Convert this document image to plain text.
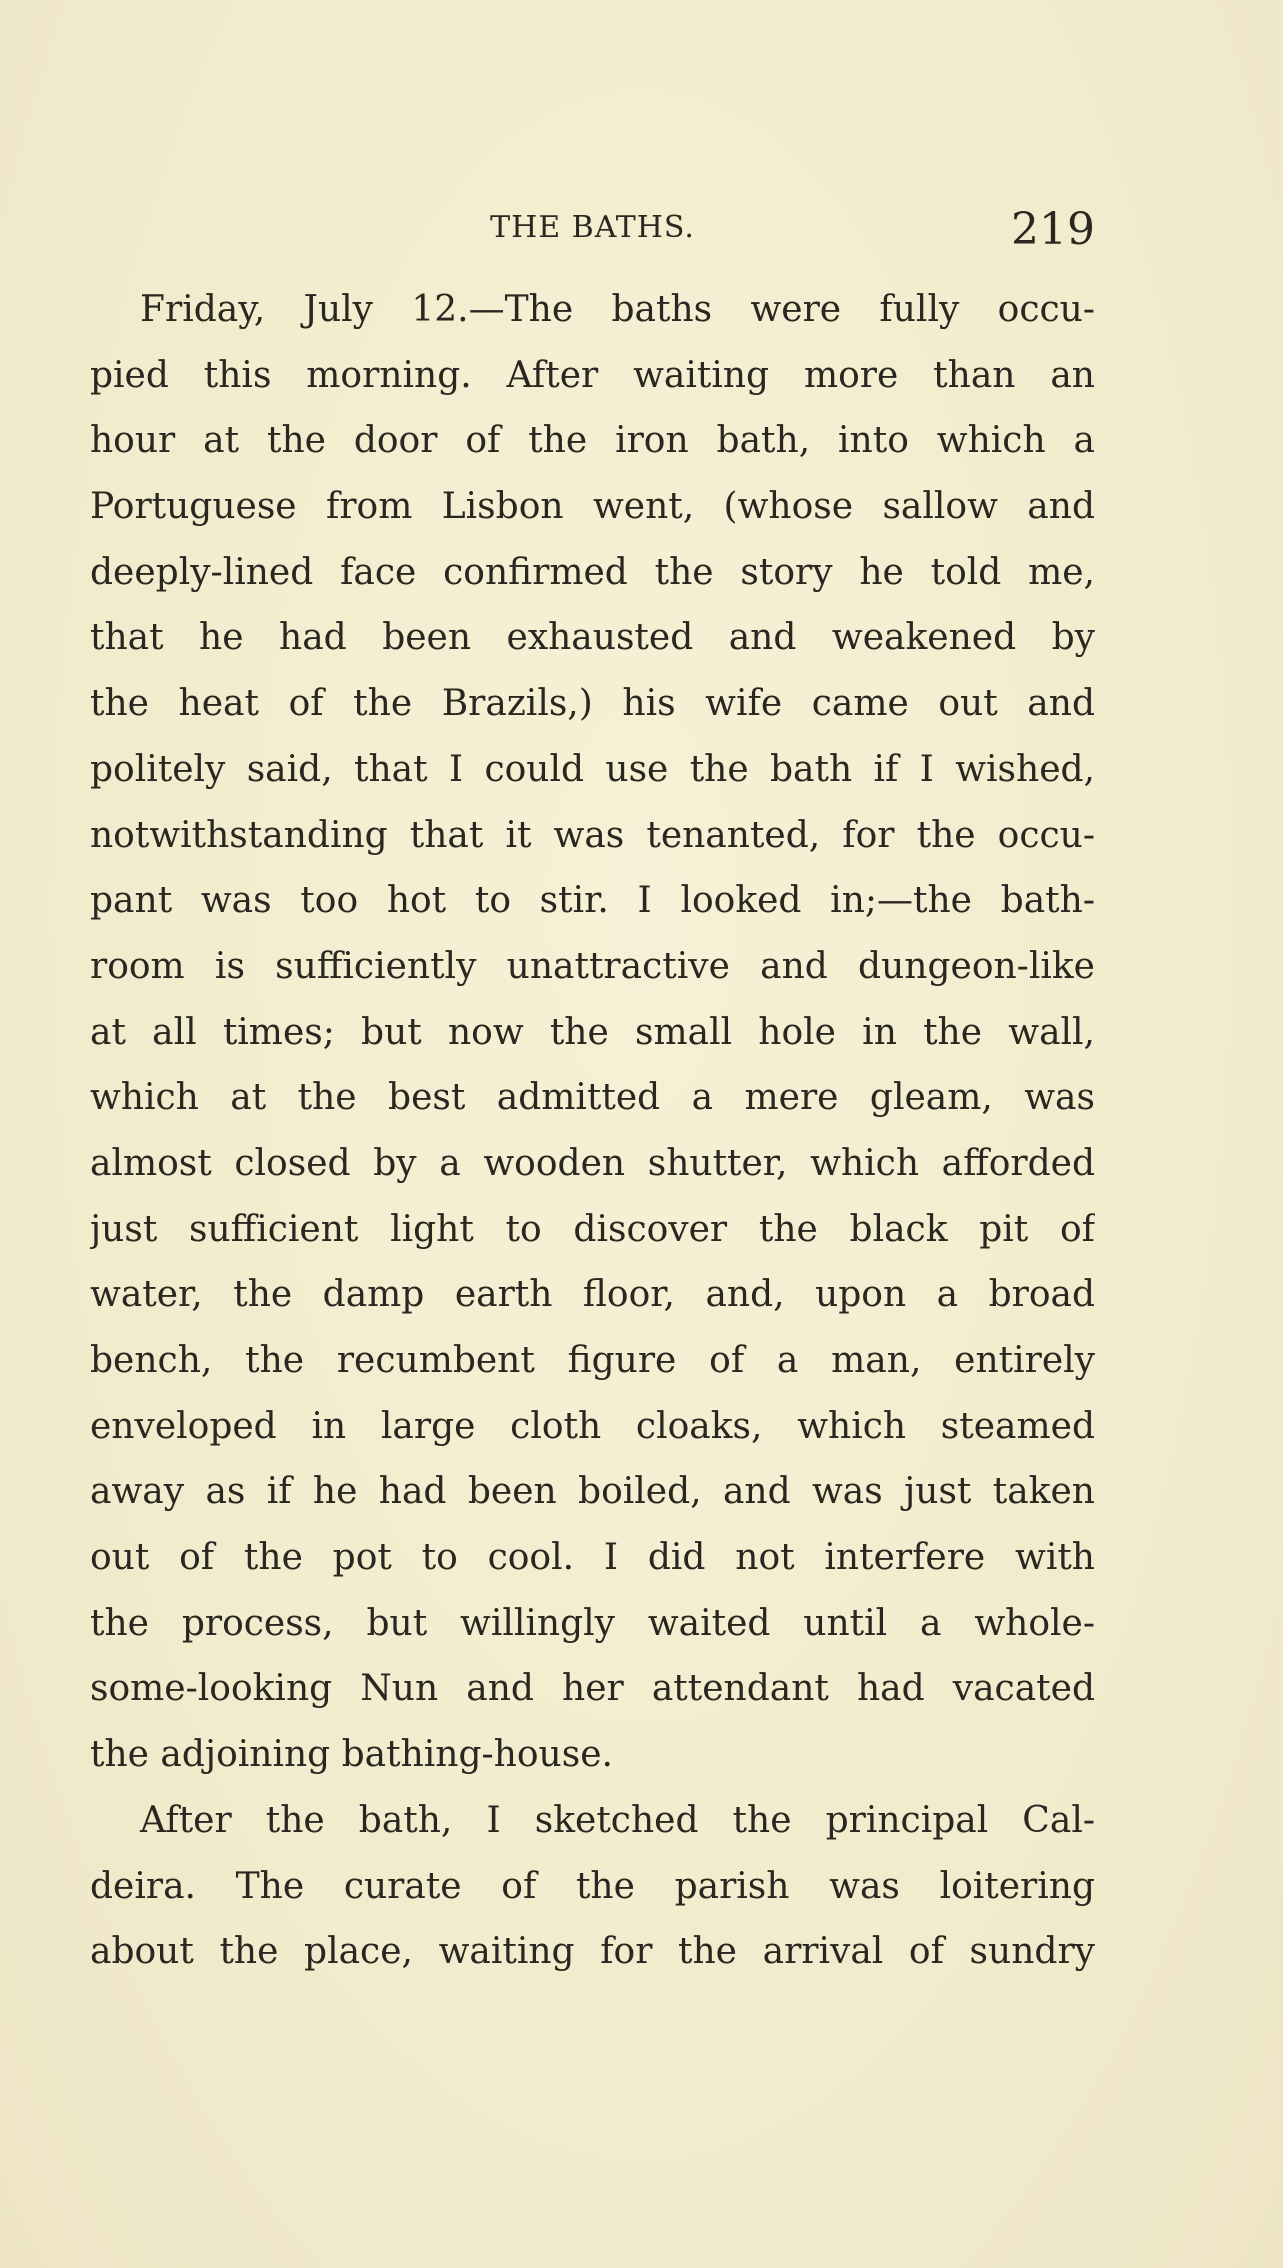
THE BATHS.	219
Friday, July 12.—The baths were fully occu-
pied this morning. After waiting more than an
hour at the door of the iron bath, into which a
Portuguese from Lisbon went, (whose sallow and
deeply-lined face confirmed the story he told me,
that he had been exhausted and weakened by
the heat of the Brazils,) his wife came out and
politely said, that I could use the bath if I wished,
notwithstanding that it was tenanted, for the occu-
pant was too hot to stir. I looked in;—the bath-
room is sufficiently unattractive and dungeon-like
at all times; but now the small hole in the wall,
which at the best admitted a mere gleam, was
almost closed by a wooden shutter, which afforded
just sufficient light to discover the black pit of
water, the damp earth floor, and, upon a broad
bench, the recumbent figure of a man, entirely
enveloped in large cloth cloaks, which steamed
away as if he had been boiled, and was just taken
out of the pot to cool. I did not interfere with
the process, but willingly waited until a whole-
some-looking Nun and her attendant had vacated
the adjoining bathing-house.
After the bath, I sketched the principal Cal-
deira. The curate of the parish was loitering
about the place, waiting for the arrival of sundry
